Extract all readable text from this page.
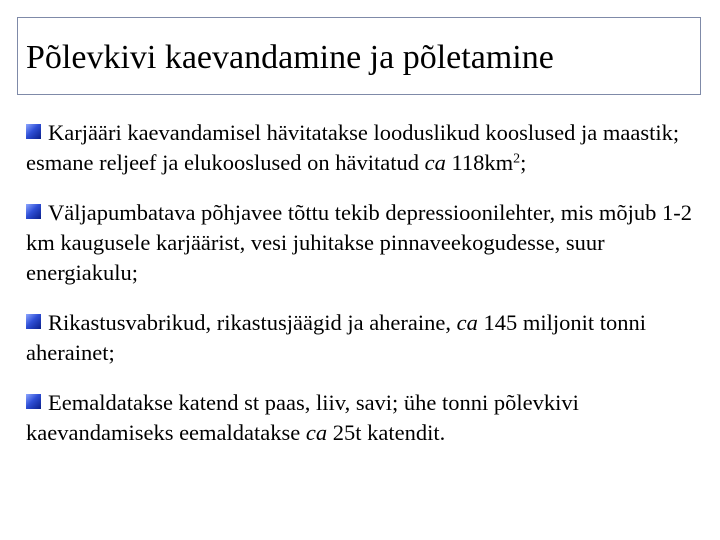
Põlevkivi kaevandamine ja põletamine
Karjääri kaevandamisel hävitatakse looduslikud kooslused ja maastik; esmane reljeef ja elukooslused on hävitatud ca $118km^2$;
Väljapumbatava põhjavee tõttu tekib depressioonilehter, mis mõjub 1-2 km kaugusele karjäärist, vesi juhitakse pinnaveekogudesse, suur energiakulu;
Rikastusvabrikud, rikastusjäägid ja aheraine, ca 145 miljonit tonni aherainet;
Eemaldatakse katend st paas, liiv, savi; ühe tonni põlevkivi kaevandamiseks eemaldatakse ca 25t katendit.
